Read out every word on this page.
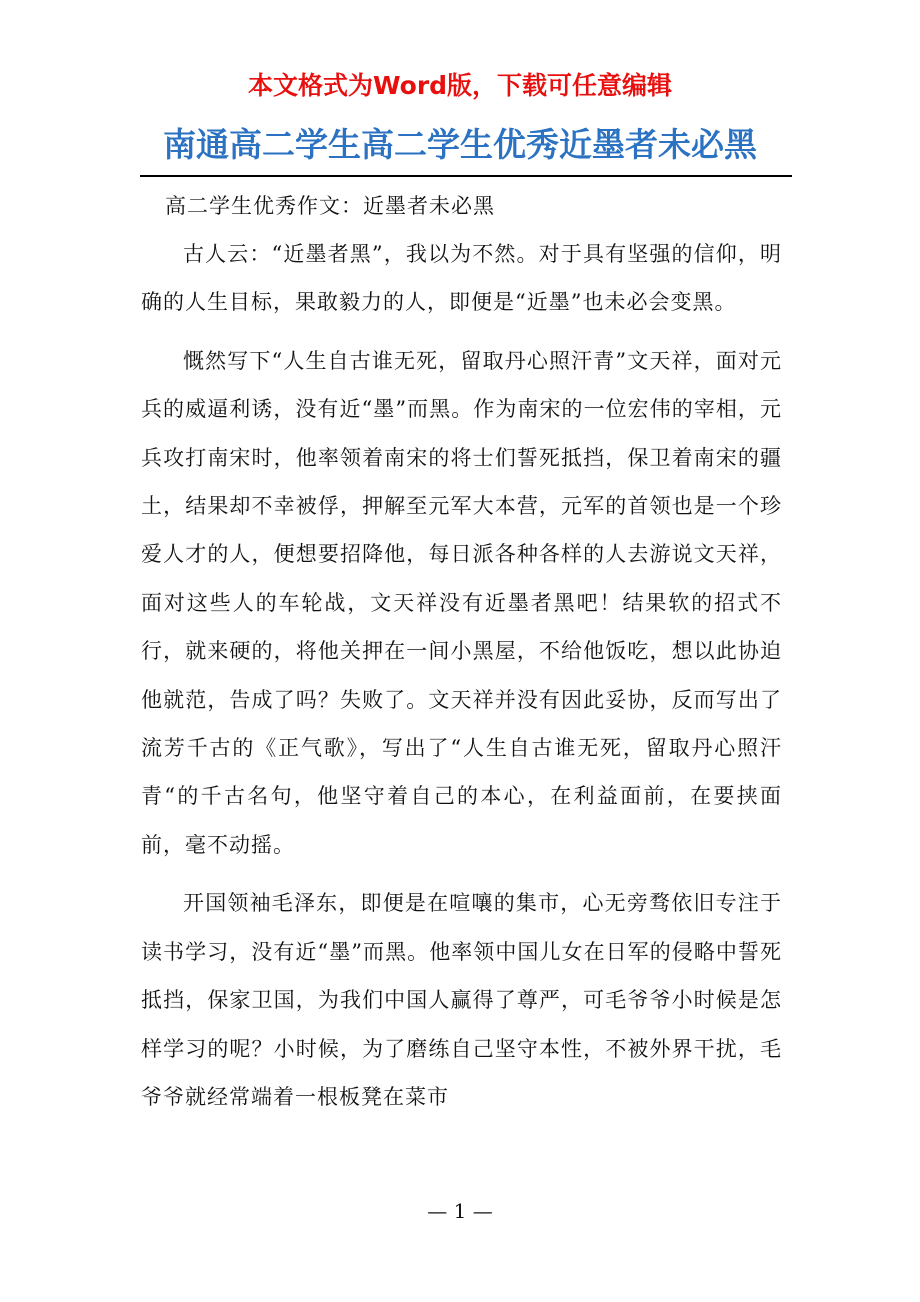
本文格式为Word版，下载可任意编辑
南通高二学生高二学生优秀近墨者未必黑
高二学生优秀作文：近墨者未必黑

古人云：“近墨者黑”，我以为不然。对于具有坚强的信仰，明确的人生目标，果敢毅力的人，即便是“近墨”也未必会变黑。

慨然写下“人生自古谁无死，留取丹心照汗青”文天祥，面对元兵的威逼利诱，没有近“墨”而黑。作为南宋的一位宏伟的宰相，元兵攻打南宋时，他率领着南宋的将士们誓死抵挡，保卫着南宋的疆土，结果却不幸被俘，押解至元军大本营，元军的首领也是一个珍爱人才的人，便想要招降他，每日派各种各样的人去游说文天祥，面对这些人的车轮战，文天祥没有近墨者黑吧！结果软的招式不行，就来硬的，将他关押在一间小黑屋，不给他饭吃，想以此协迫他就范，告成了吗？失败了。文天祥并没有因此妥协，反而写出了流芳千古的《正气歌》，写出了“人生自古谁无死，留取丹心照汗青“的千古名句，他坚守着自己的本心，在利益面前，在要挟面前，毫不动摇。

开国领袖毛泽东，即便是在喧嚷的集市，心无旁骛依旧专注于读书学习，没有近“墨”而黑。他率领中国儿女在日军的侵略中誓死抵挡，保家卫国，为我们中国人赢得了尊严，可毛爷爷小时候是怎样学习的呢？小时候，为了磨练自己坚守本性，不被外界干扰，毛爷爷就经常端着一根板凳在菜市

— 1 —
